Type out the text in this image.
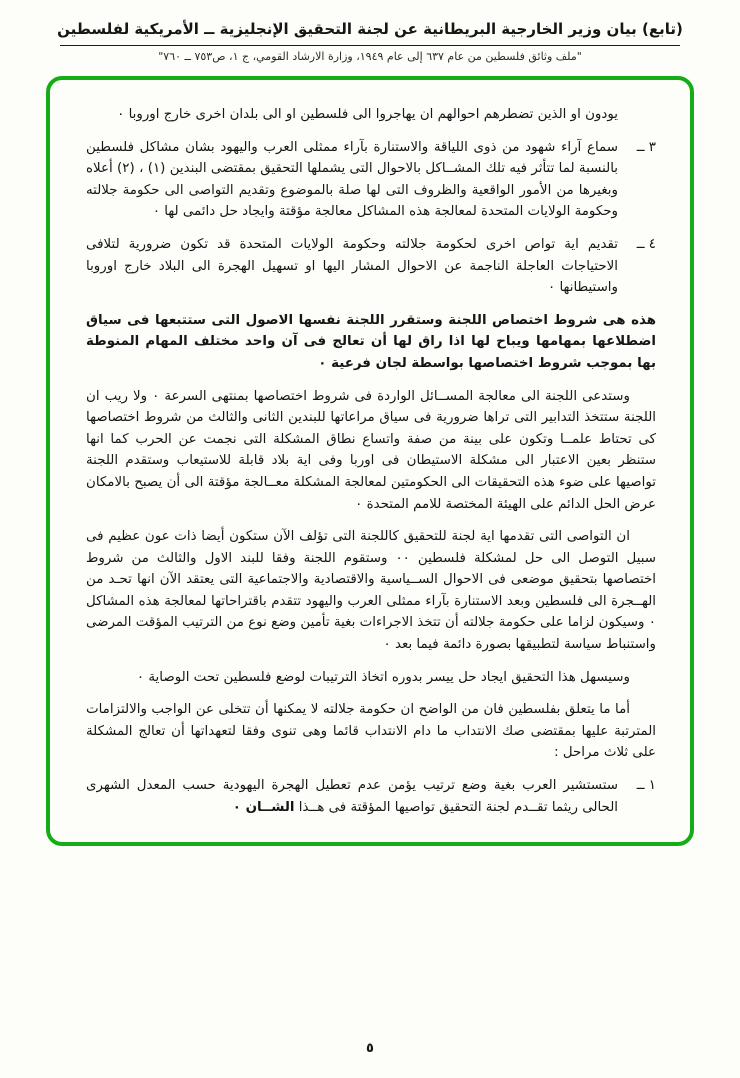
(تابع) بيان وزير الخارجية البريطانية عن لجنة التحقيق الإنجليزية ــ الأمريكية لفلسطين
"ملف وثائق فلسطين من عام ٦٣٧ إلى عام ١٩٤٩، وزارة الارشاد القومي، ج ١، ص٧٥٣ ــ ٧٦٠"

يودون او الذين تضطرهم احوالهم ان يهاجروا الى فلسطين او الى بلدان اخرى خارج اوروبا ٠

٣ ــ
سماع آراء شهود من ذوى اللياقة والاستنارة بآراء ممثلى العرب واليهود بشان مشاكل فلسطين بالنسبة لما تتأثر فيه تلك المشــاكل بالاحوال التى يشملها التحقيق بمقتضى البندين (١) ، (٢) أعلاه وبغيرها من الأمور الواقعية والظروف التى لها صلة بالموضوع وتقديم التواصى الى حكومة جلالته وحكومة الولايات المتحدة لمعالجة هذه المشاكل معالجة مؤقتة وايجاد حل دائمى لها ٠
٤ ــ
تقديم اية تواص اخرى لحكومة جلالته وحكومة الولايات المتحدة قد تكون ضرورية لتلافى الاحتياجات العاجلة الناجمة عن الاحوال المشار اليها او تسهيل الهجرة الى البلاد خارج اوروبا واستيطانها ٠

هذه هى شروط اختصاص اللجنة وستقرر اللجنة نفسها الاصول التى ستتبعها فى سياق اضطلاعها بمهامها ويباح لها اذا راق لها أن تعالج فى آن واحد مختلف المهام المنوطة بها بموجب شروط اختصاصها بواسطة لجان فرعية ٠

وستدعى اللجنة الى معالجة المســائل الواردة فى شروط اختصاصها بمنتهى السرعة ٠ ولا ريب ان اللجنة ستتخذ التدابير التى تراها ضرورية فى سياق مراعاتها للبندين الثانى والثالث من شروط اختصاصها كى تحتاط علمــا وتكون على بينة من صفة واتساع نطاق المشكلة التى نجمت عن الحرب كما انها ستنظر بعين الاعتبار الى مشكلة الاستيطان فى اوربا وفى اية بلاد قابلة للاستيعاب وستقدم اللجنة تواصيها على ضوء هذه التحقيقات الى الحكومتين لمعالجة المشكلة معــالجة مؤقتة الى أن يصبح بالامكان عرض الحل الدائم على الهيئة المختصة للامم المتحدة ٠

ان التواصى التى تقدمها اية لجنة للتحقيق كاللجنة التى تؤلف الآن ستكون أيضا ذات عون عظيم فى سبيل التوصل الى حل لمشكلة فلسطين ٠٠ وستقوم اللجنة وفقا للبند الاول والثالث من شروط اختصاصها بتحقيق موضعى فى الاحوال الســياسية والاقتصادية والاجتماعية التى يعتقد الآن انها تحـد من الهــجرة الى فلسطين وبعد الاستنارة بآراء ممثلى العرب واليهود تتقدم باقتراحاتها لمعالجة هذه المشاكل ٠ وسيكون لزاما على حكومة جلالته أن تتخذ الاجراءات بغية تأمين وضع نوع من الترتيب المؤقت المرضى واستنباط سياسة لتطبيقها بصورة دائمة فيما بعد ٠

وسيسهل هذا التحقيق ايجاد حل ييسر بدوره اتخاذ الترتيبات لوضع فلسطين تحت الوصاية ٠

أما ما يتعلق بفلسطين فان من الواضح ان حكومة جلالته لا يمكنها أن تتخلى عن الواجب والالتزامات المترتبة عليها بمقتضى صك الانتداب ما دام الانتداب قائما وهى تنوى وفقا لتعهداتها أن تعالج المشكلة على ثلاث مراحل :

١ ــ
ستستشير العرب بغية وضع ترتيب يؤمن عدم تعطيل الهجرة اليهودية حسب المعدل الشهرى الحالى ريثما تقــدم لجنة التحقيق تواصيها المؤقتة فى هــذا الشــان ٠
٥
